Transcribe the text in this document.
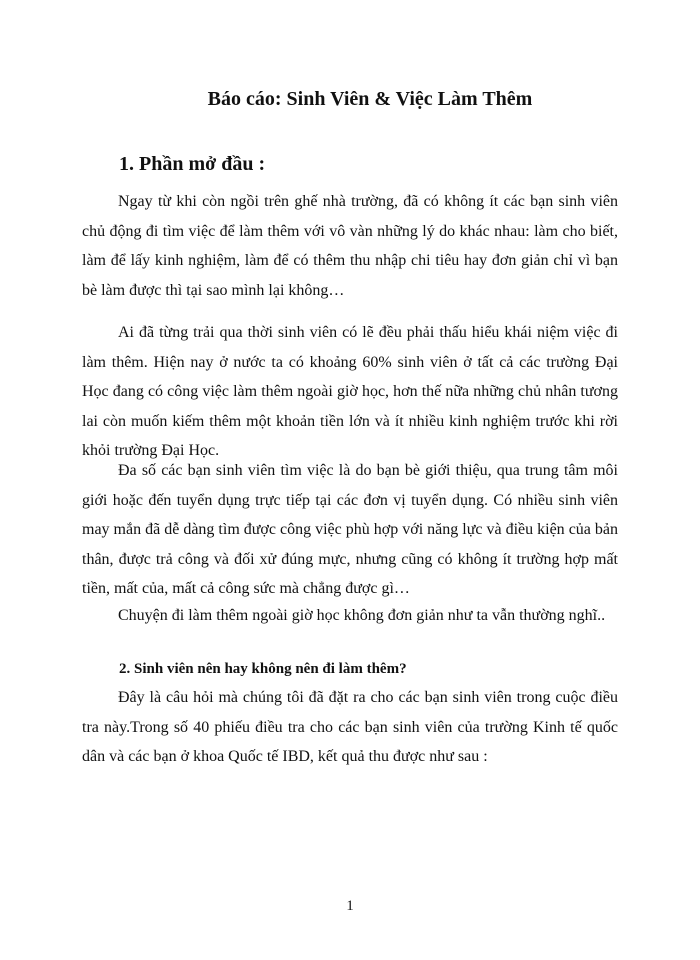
Báo cáo: Sinh Viên & Việc Làm Thêm
1. Phần mở đầu :

Ngay từ khi còn ngồi trên ghế nhà trường, đã có không ít các bạn sinh viên chủ động đi tìm việc để làm thêm với vô vàn những lý do khác nhau: làm cho biết, làm để lấy kinh nghiệm, làm để có thêm thu nhập chi tiêu hay đơn giản chỉ vì bạn bè làm được thì tại sao mình lại không…

Ai đã từng trải qua thời sinh viên có lẽ đều phải thấu hiểu khái niệm việc đi làm thêm. Hiện nay ở nước ta có khoảng 60% sinh viên ở tất cả các trường Đại Học đang có công việc làm thêm ngoài giờ học, hơn thế nữa những chủ nhân tương lai còn muốn kiếm thêm một khoản tiền lớn và ít nhiều kinh nghiệm trước khi rời khỏi trường Đại Học.

Đa số các bạn sinh viên tìm việc là do bạn bè giới thiệu, qua trung tâm môi giới hoặc đến tuyển dụng trực tiếp tại các đơn vị tuyển dụng. Có nhiều sinh viên may mắn đã dễ dàng tìm được công việc phù hợp với năng lực và điều kiện của bản thân, được trả công và đối xử đúng mực, nhưng cũng có không ít trường hợp mất tiền, mất của, mất cả công sức mà chẳng được gì…

Chuyện đi làm thêm ngoài giờ học không đơn giản như ta vẫn thường nghĩ..

2. Sinh viên nên hay không nên đi làm thêm?

Đây là câu hỏi mà chúng tôi đã đặt ra cho các bạn sinh viên trong cuộc điều tra này.Trong số 40 phiếu điều tra cho các bạn sinh viên của trường Kinh tế quốc dân và các bạn ở khoa Quốc tế IBD, kết quả thu được như sau :

1
